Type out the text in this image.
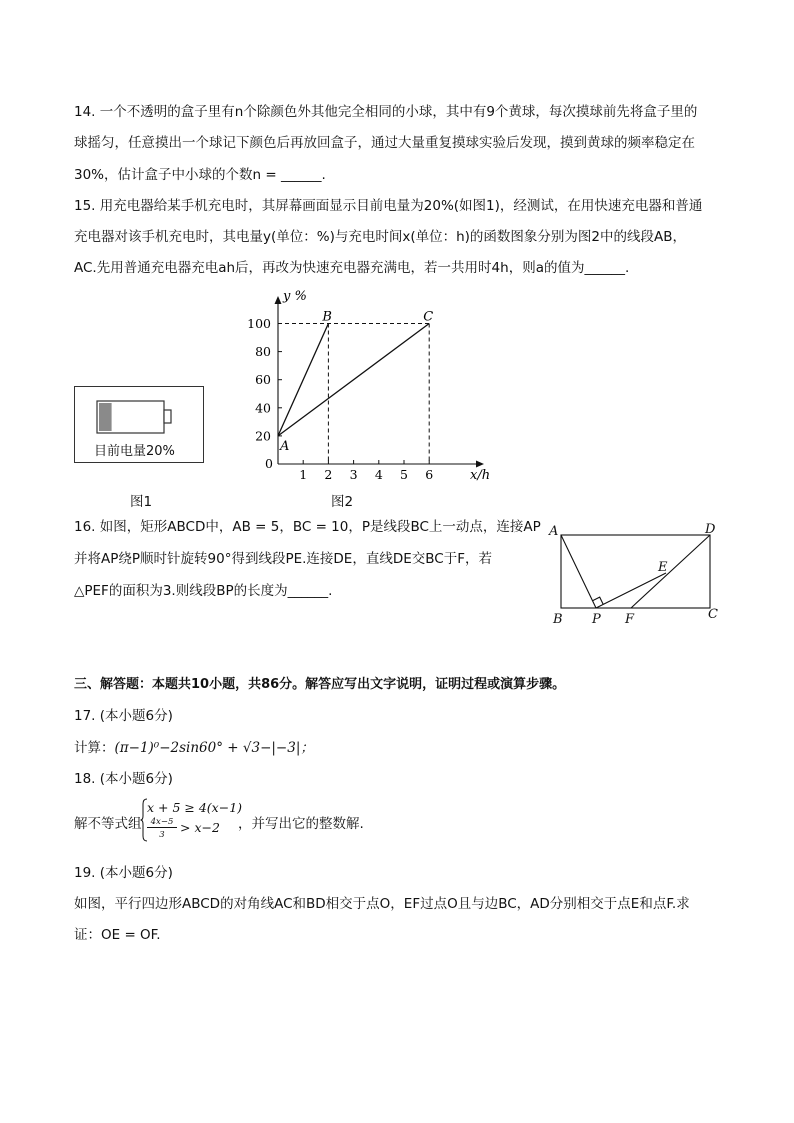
14. 一个不透明的盒子里有n个除颜色外其他完全相同的小球，其中有9个黄球，每次摸球前先将盒子里的
球摇匀，任意摸出一个球记下颜色后再放回盒子，通过大量重复摸球实验后发现，摸到黄球的频率稳定在
30%，估计盒子中小球的个数n = ______.
15. 用充电器给某手机充电时，其屏幕画面显示目前电量为20%(如图1)，经测试，在用快速充电器和普通
充电器对该手机充电时，其电量y(单位：%)与充电时间x(单位：h)的函数图象分别为图2中的线段AB，
AC.先用普通充电器充电ah后，再改为快速充电器充满电，若一共用时4h，则a的值为______.
目前电量20%
图1
y %
x/h
0
1 2 3 4 5 6
20
40
60
80
100
A
B	C
图2
16. 如图，矩形ABCD中，AB = 5，BC = 10，P是线段BC上一动点，连接AP
并将AP绕P顺时针旋转90°得到线段PE.连接DE，直线DE交BC于F，若
△PEF的面积为3.则线段BP的长度为______.
A	D
E
B P F	C
三、解答题：本题共10小题，共86分。解答应写出文字说明，证明过程或演算步骤。
17. (本小题6分)
计算：(π−1)⁰−2sin60° + √3−|−3|；
18. (本小题6分)
解不等式组
x + 5 ≥ 4(x−1)
4x−5
3	> x−2 ，并写出它的整数解.
19. (本小题6分)
如图，平行四边形ABCD的对角线AC和BD相交于点O，EF过点O且与边BC，AD分别相交于点E和点F.求
证：OE = OF.
